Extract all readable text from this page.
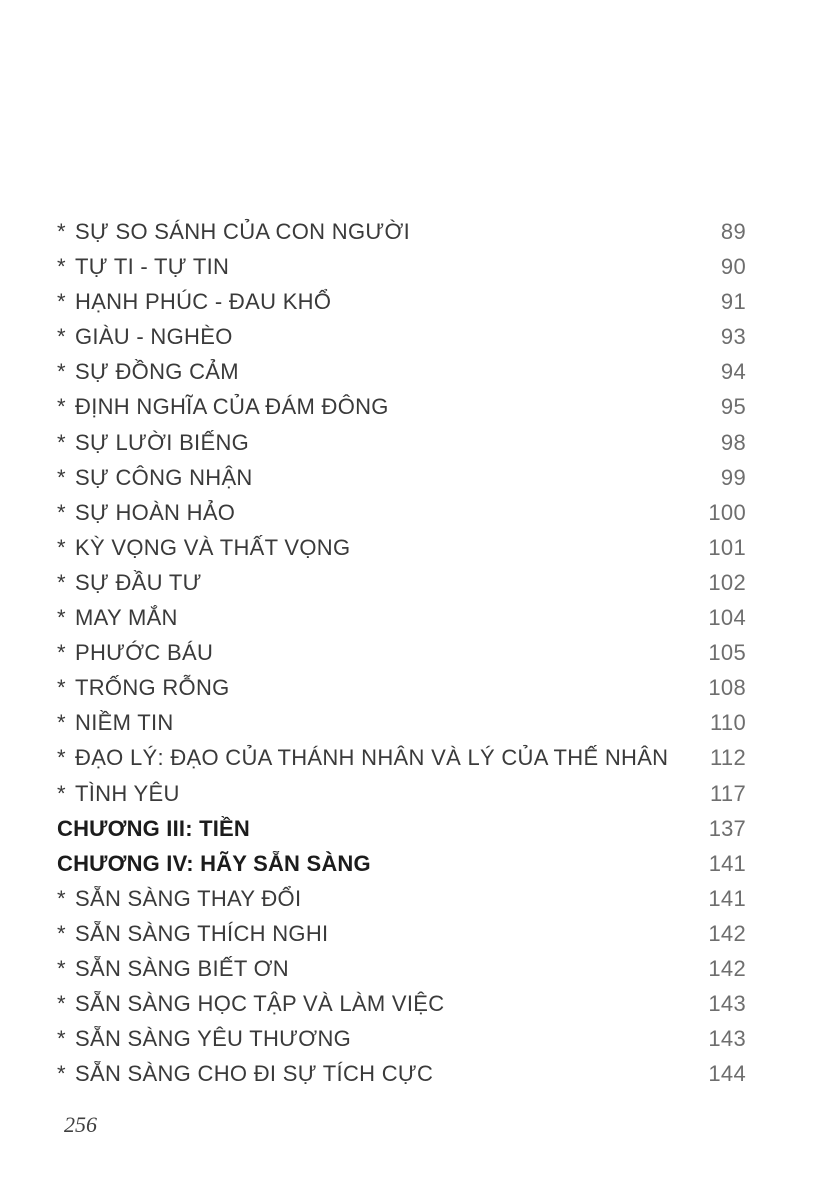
* SỰ SO SÁNH CỦA CON NGƯỜI	89
* TỰ TI - TỰ TIN	90
* HẠNH PHÚC - ĐAU KHỔ	91
* GIÀU - NGHÈO	93
* SỰ ĐỒNG CẢM	94
* ĐỊNH NGHĨA CỦA ĐÁM ĐÔNG	95
* SỰ LƯỜI BIẾNG	98
* SỰ CÔNG NHẬN	99
* SỰ HOÀN HẢO	100
* KỲ VỌNG VÀ THẤT VỌNG	101
* SỰ ĐẦU TƯ	102
* MAY MẮN	104
* PHƯỚC BÁU	105
* TRỐNG RỖNG	108
* NIỀM TIN	110
* ĐẠO LÝ: ĐẠO CỦA THÁNH NHÂN VÀ LÝ CỦA THẾ NHÂN	112
* TÌNH YÊU	117
CHƯƠNG III: TIỀN	137
CHƯƠNG IV: HÃY SẴN SÀNG	141
* SẴN SÀNG THAY ĐỔI	141
* SẴN SÀNG THÍCH NGHI	142
* SẴN SÀNG BIẾT ƠN	142
* SẴN SÀNG HỌC TẬP VÀ LÀM VIỆC	143
* SẴN SÀNG YÊU THƯƠNG	143
* SẴN SÀNG CHO ĐI SỰ TÍCH CỰC	144
256
